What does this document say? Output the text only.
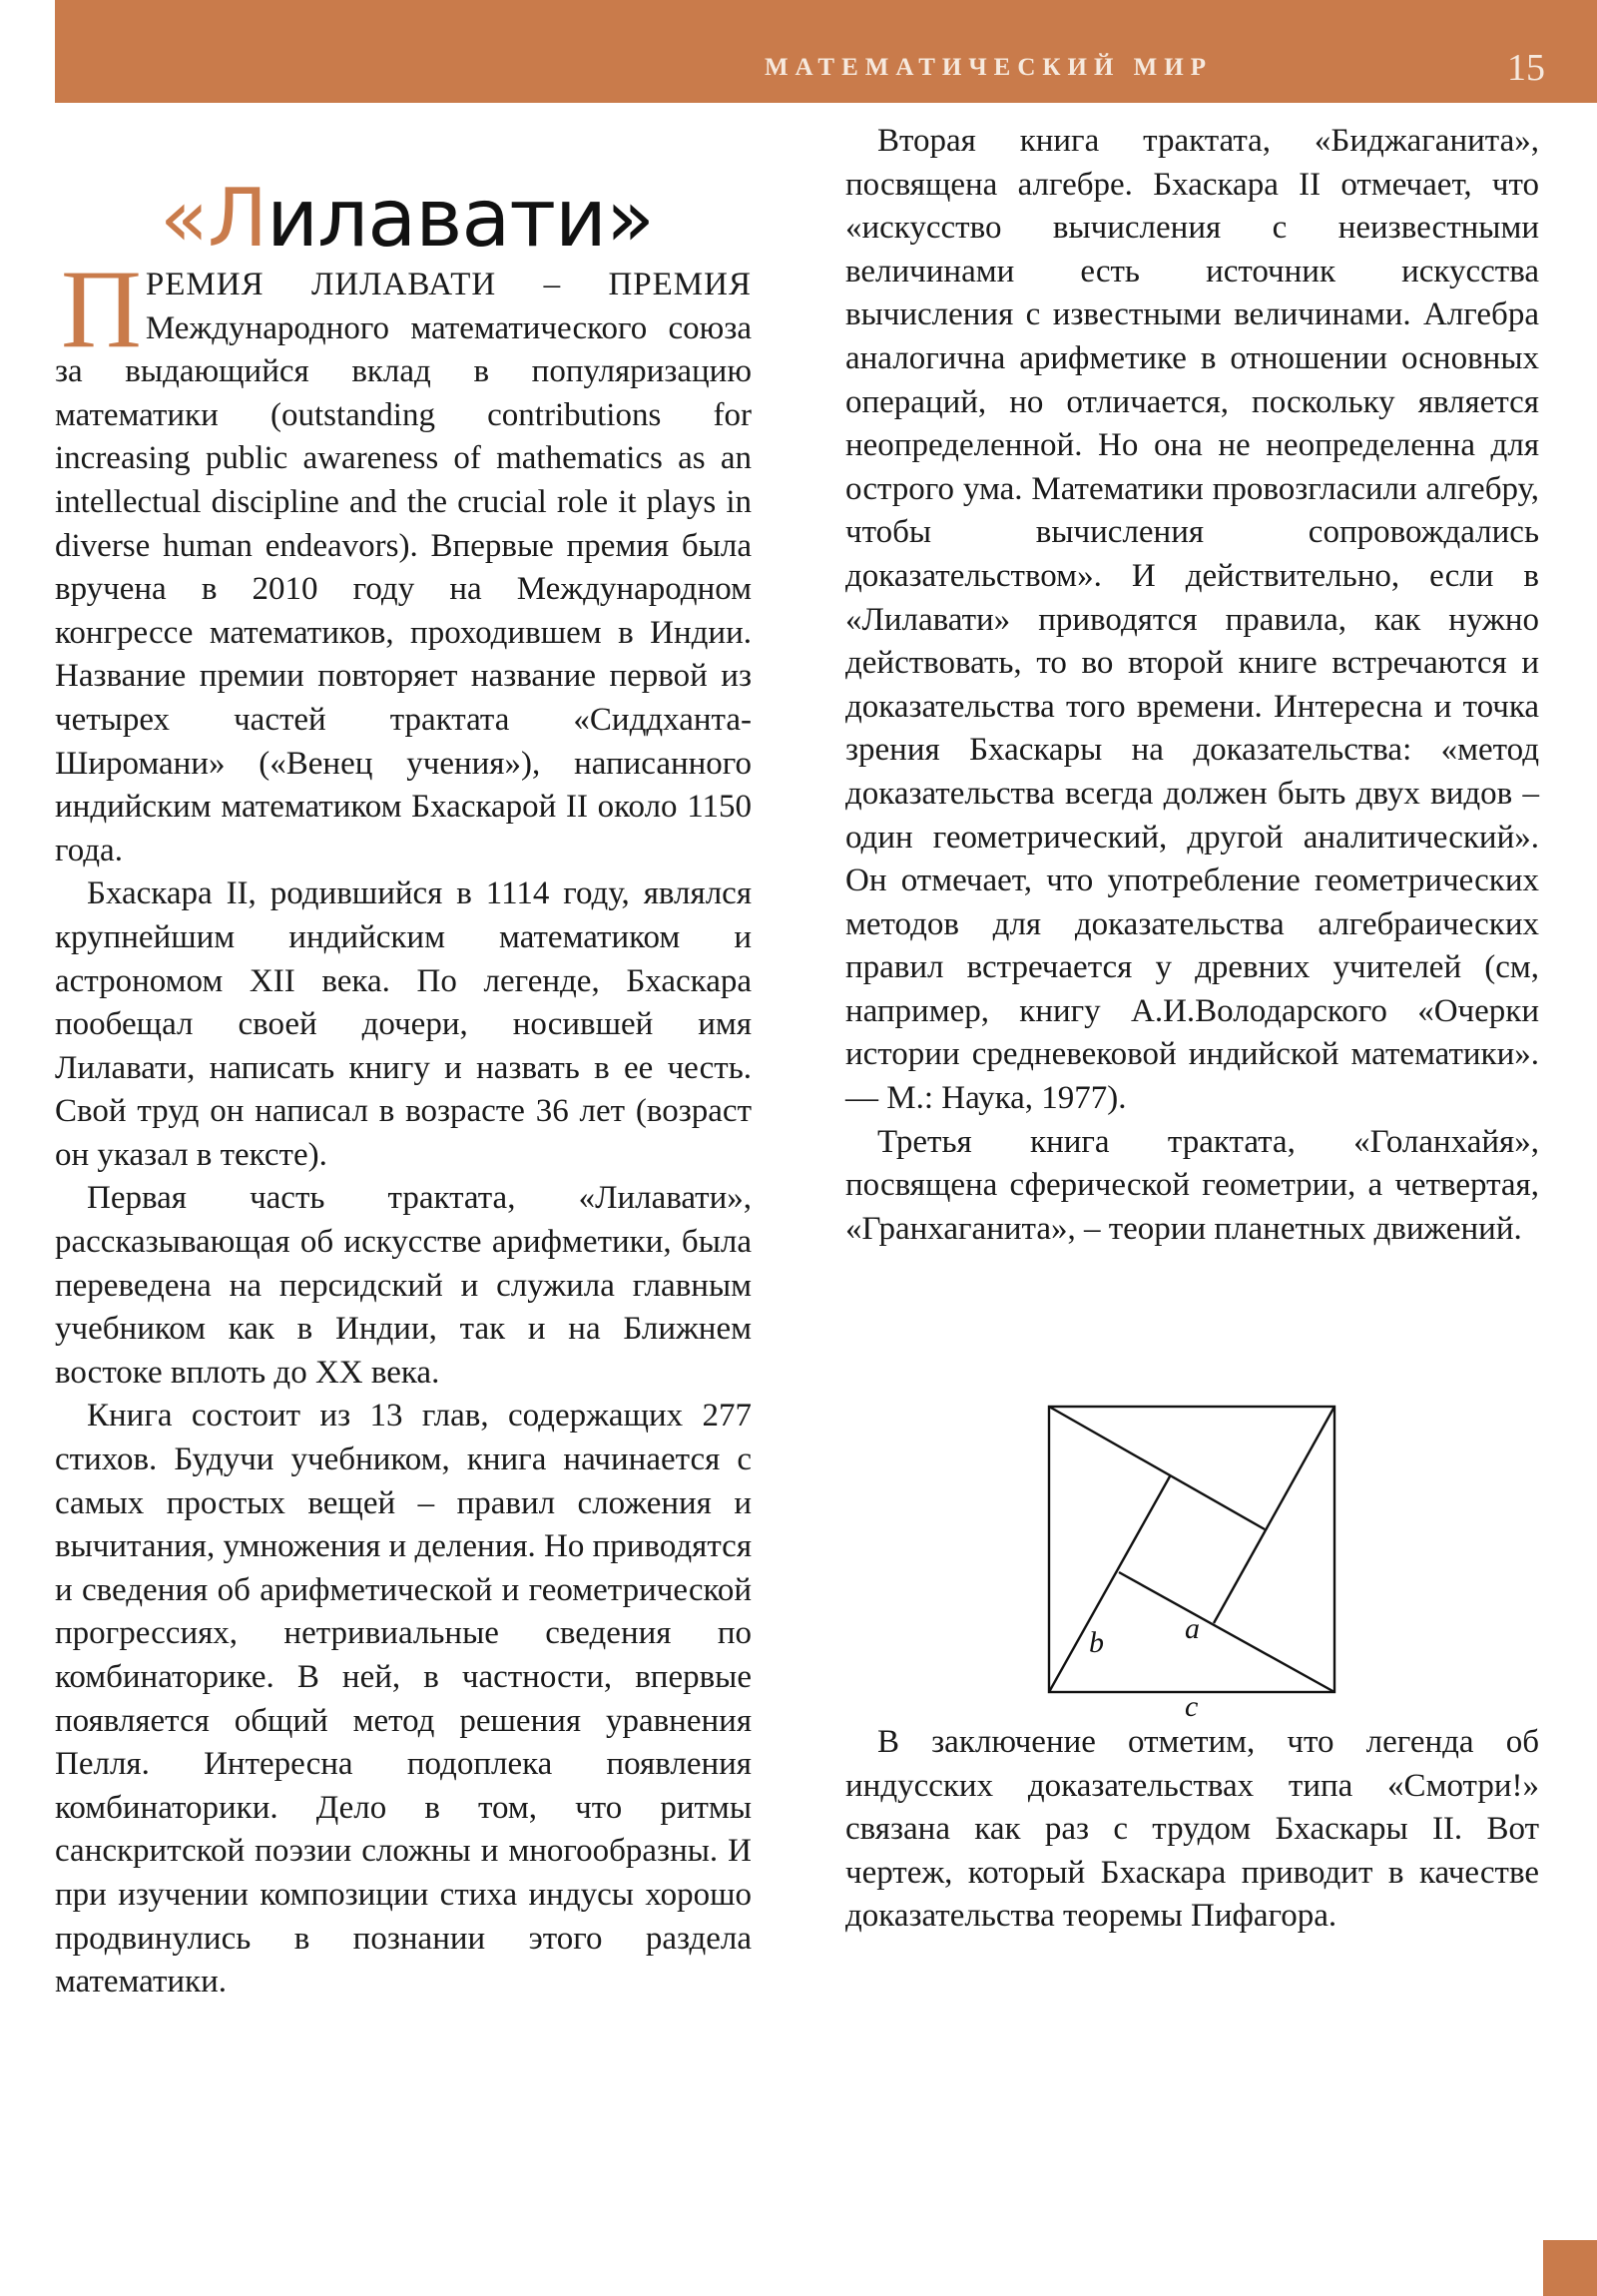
МАТЕМАТИЧЕСКИЙ МИР	15
«Лилавати»

ПРЕМИЯ ЛИЛАВАТИ – ПРЕМИЯ Международного математического союза за выдающийся вклад в популяризацию математики (outstanding contributions for increasing public awareness of mathematics as an intellectual discipline and the crucial role it plays in diverse human endeavors). Впервые премия была вручена в 2010 году на Международном конгрессе математиков, проходившем в Индии. Название премии повторяет название первой из четырех частей трактата «Сиддханта-Широмани» («Венец учения»), написанного индийским математиком Бхаскарой II около 1150 года.

Бхаскара II, родившийся в 1114 году, являлся крупнейшим индийским математиком и астрономом XII века. По легенде, Бхаскара пообещал своей дочери, носившей имя Лилавати, написать книгу и назвать в ее честь. Свой труд он написал в возрасте 36 лет (возраст он указал в тексте).

Первая часть трактата, «Лилавати», рассказывающая об искусстве арифметики, была переведена на персидский и служила главным учебником как в Индии, так и на Ближнем востоке вплоть до XX века.

Книга состоит из 13 глав, содержащих 277 стихов. Будучи учебником, книга начинается с самых простых вещей – правил сложения и вычитания, умножения и деления. Но приводятся и сведения об арифметической и геометрической прогрессиях, нетривиальные сведения по комбинаторике. В ней, в частности, впервые появляется общий метод решения уравнения Пелля. Интересна подоплека появления комбинаторики. Дело в том, что ритмы санскритской поэзии сложны и многообразны. И при изучении композиции стиха индусы хорошо продвинулись в познании этого раздела математики.

Вторая книга трактата, «Биджаганита», посвящена алгебре. Бхаскара II отмечает, что «искусство вычисления с неизвестными величинами есть источник искусства вычисления с известными величинами. Алгебра аналогична арифметике в отношении основных операций, но отличается, поскольку является неопределенной. Но она не неопределенна для острого ума. Математики провозгласили алгебру, чтобы вычисления сопровождались доказательством». И действительно, если в «Лилавати» приводятся правила, как нужно действовать, то во второй книге встречаются и доказательства того времени. Интересна и точка зрения Бхаскары на доказательства: «метод доказательства всегда должен быть двух видов – один геометрический, другой аналитический». Он отмечает, что употребление геометрических методов для доказательства алгебраических правил встречается у древних учителей (см, например, книгу А.И.Володарского «Очерки истории средневековой индийской математики». — М.: Наука, 1977).

Третья книга трактата, «Голанхайя», посвящена сферической геометрии, а четвертая, «Гранхаганита», – теории планетных движений.

b	a
c

В заключение отметим, что легенда об индусских доказательствах типа «Смотри!» связана как раз с трудом Бхаскары II. Вот чертеж, который Бхаскара приводит в качестве доказательства теоремы Пифагора.
